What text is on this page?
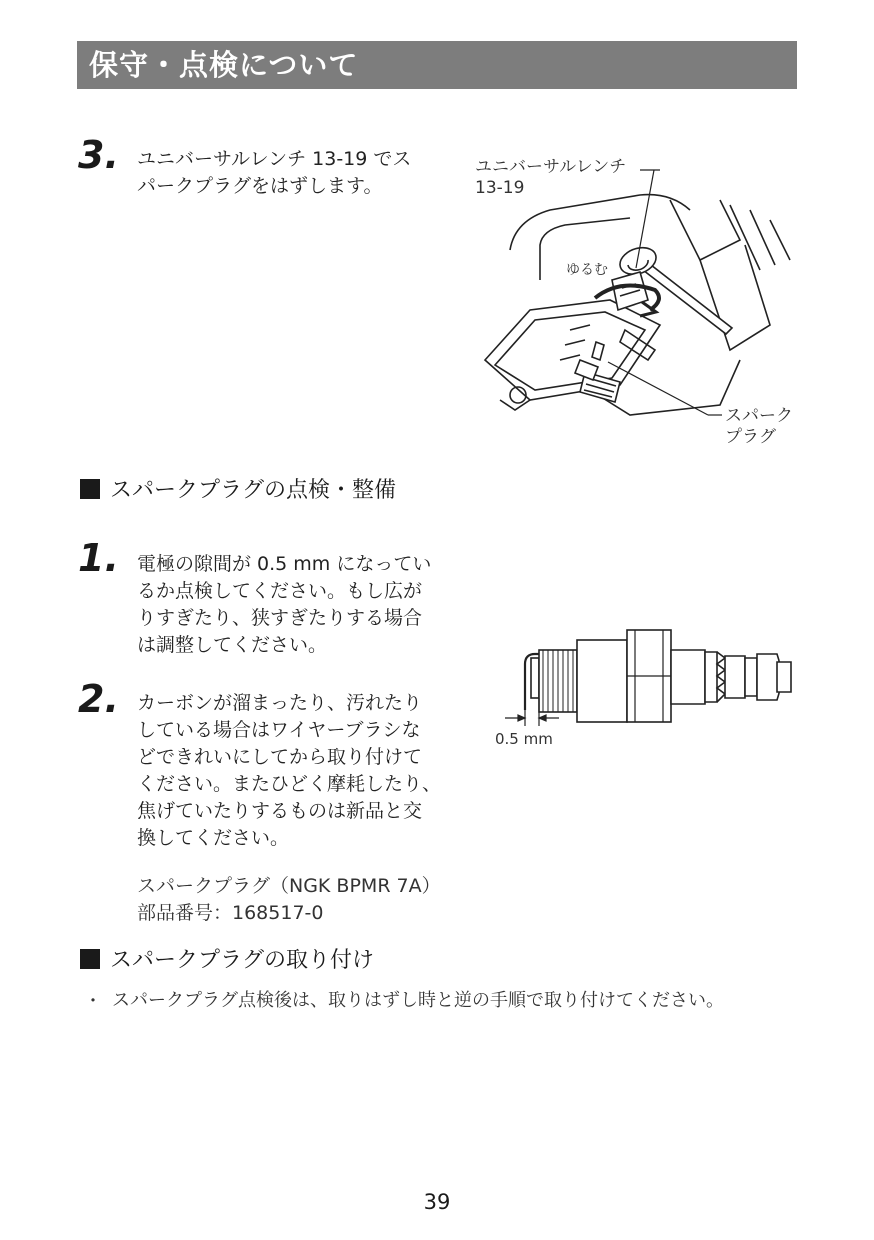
保守・点検について
3. ユニバーサルレンチ 13-19 でス
パークプラグをはずします。

ユニバーサルレンチ
13-19
ゆるむ
スパーク
プラグ
スパークプラグの点検・整備
1. 電極の隙間が 0.5 mm になってい
るか点検してください。もし広が
りすぎたり、狭すぎたりする場合
は調整してください。

0.5 mm
2. カーボンが溜まったり、汚れたり
している場合はワイヤーブラシな
どできれいにしてから取り付けて
ください。またひどく摩耗したり、
焦げていたりするものは新品と交
換してください。

スパークプラグ（NGK BPMR 7A）
部品番号：168517-0

スパークプラグの取り付け
・ スパークプラグ点検後は、取りはずし時と逆の手順で取り付けてください。
39
